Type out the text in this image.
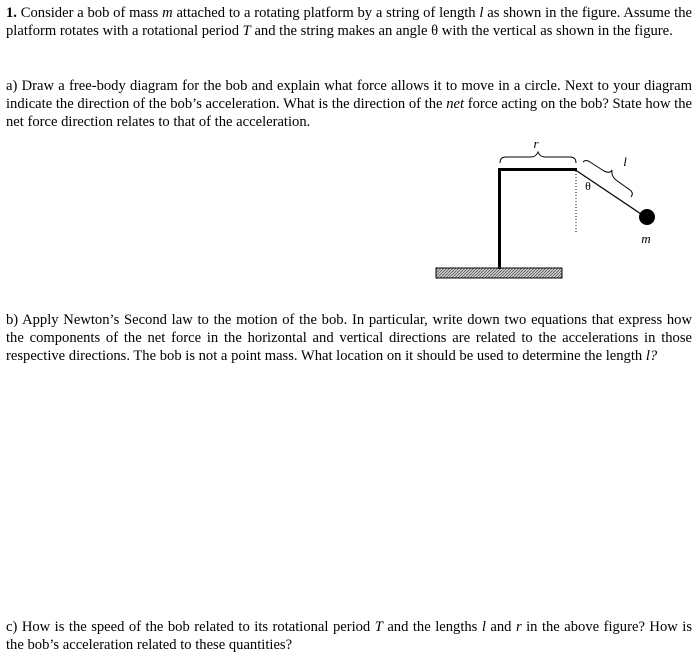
1. Consider a bob of mass m attached to a rotating platform by a string of length l as shown in the figure. Assume the platform rotates with a rotational period T and the string makes an angle θ with the vertical as shown in the figure.

a) Draw a free-body diagram for the bob and explain what force allows it to move in a circle. Next to your diagram indicate the direction of the bob’s acceleration. What is the direction of the net force acting on the bob? State how the net force direction relates to that of the acceleration.

r
l
θ
m

b) Apply Newton’s Second law to the motion of the bob. In particular, write down two equations that express how the components of the net force in the horizontal and vertical directions are related to the accelerations in those respective directions. The bob is not a point mass. What location on it should be used to determine the length l?

c) How is the speed of the bob related to its rotational period T and the lengths l and r in the above figure? How is the bob’s acceleration related to these quantities?
